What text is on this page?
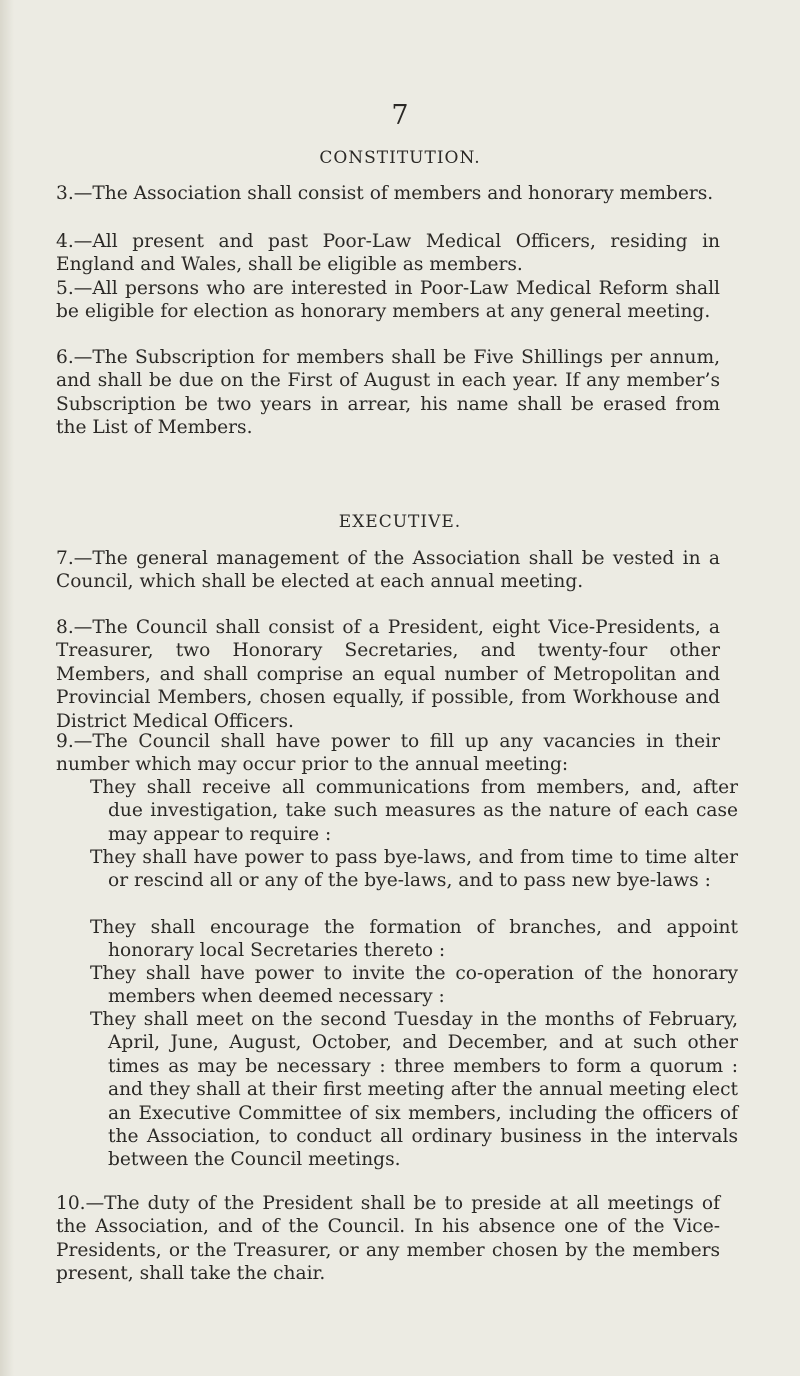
7
CONSTITUTION.

3.—The Association shall consist of members and honorary members.

4.—All present and past Poor-Law Medical Officers, residing in England and Wales, shall be eligible as members.

5.—All persons who are interested in Poor-Law Medical Reform shall be eligible for election as honorary members at any general meeting.

6.—The Subscription for members shall be Five Shillings per annum, and shall be due on the First of August in each year. If any member’s Subscription be two years in arrear, his name shall be erased from the List of Members.

EXECUTIVE.

7.—The general management of the Association shall be vested in a Council, which shall be elected at each annual meeting.

8.—The Council shall consist of a President, eight Vice-Presidents, a Treasurer, two Honorary Secretaries, and twenty-four other Members, and shall comprise an equal number of Metropolitan and Provincial Members, chosen equally, if possible, from Workhouse and District Medical Officers.

9.—The Council shall have power to fill up any vacancies in their number which may occur prior to the annual meeting:

They shall receive all communications from members, and, after due investigation, take such measures as the nature of each case may appear to require :

They shall have power to pass bye-laws, and from time to time alter or rescind all or any of the bye-laws, and to pass new bye-laws :

They shall encourage the formation of branches, and appoint honorary local Secretaries thereto :

They shall have power to invite the co-operation of the honorary members when deemed necessary :

They shall meet on the second Tuesday in the months of February, April, June, August, October, and December, and at such other times as may be necessary : three members to form a quorum : and they shall at their first meeting after the annual meeting elect an Executive Committee of six members, including the officers of the Association, to conduct all ordinary business in the intervals between the Council meetings.

10.—The duty of the President shall be to preside at all meetings of the Association, and of the Council. In his absence one of the Vice-Presidents, or the Treasurer, or any member chosen by the members present, shall take the chair.
